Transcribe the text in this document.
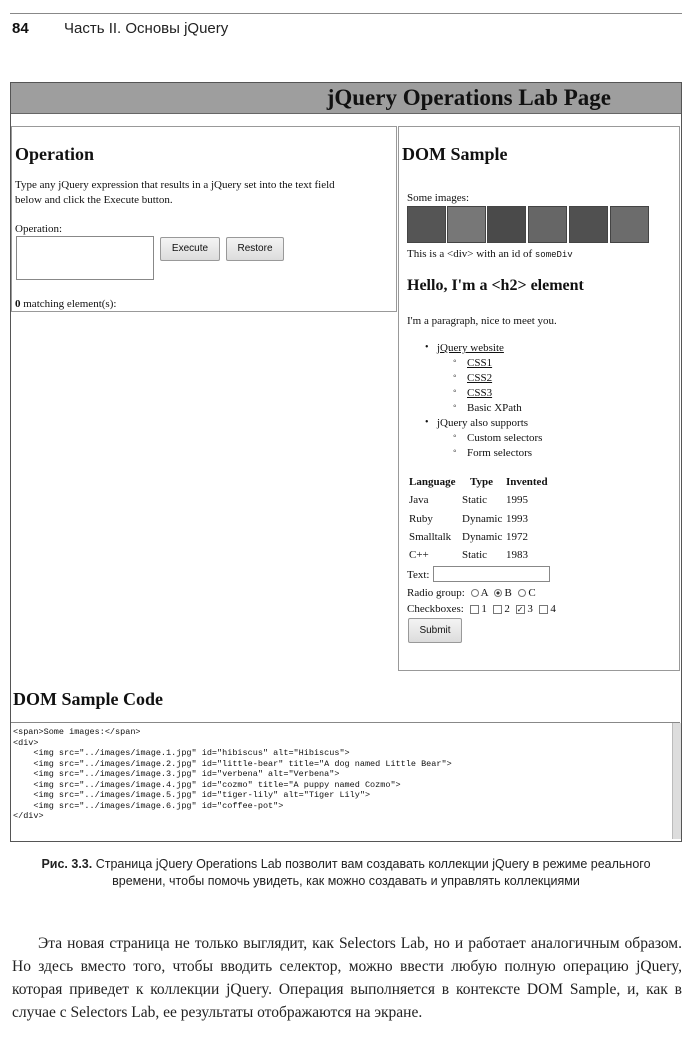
84 Часть II. Основы jQuery
jQuery Operations Lab Page
Operation
Type any jQuery expression that results in a jQuery set into the text field below and click the Execute button.
Operation:
Execute	Restore
0 matching element(s):
DOM Sample
Some images:
This is a <div> with an id of someDiv
Hello, I'm a <h2> element
I'm a paragraph, nice to meet you.
• jQuery website
◦ CSS1
◦ CSS2
◦ CSS3
◦ Basic XPath
• jQuery also supports
◦ Custom selectors
◦ Form selectors
Language Type Invented
Java	Static 1995
Ruby	Dynamic 1993
Smalltalk Dynamic 1972
C++	Static 1983
Text:
Radio group: A B C
Checkboxes: 1 2 ✓ 3 4
Submit
DOM Sample Code
<span>Some images:</span>
<div>
<img src="../images/image.1.jpg" id="hibiscus" alt="Hibiscus">
<img src="../images/image.2.jpg" id="little-bear" title="A dog named Little Bear">
<img src="../images/image.3.jpg" id="verbena" alt="Verbena">
<img src="../images/image.4.jpg" id="cozmo" title="A puppy named Cozmo">
<img src="../images/image.5.jpg" id="tiger-lily" alt="Tiger Lily">
<img src="../images/image.6.jpg" id="coffee-pot">
</div>
Рис. 3.3. Страница jQuery Operations Lab позволит вам создавать коллекции jQuery в режиме реального времени, чтобы помочь увидеть, как можно создавать и управлять коллекциями
Эта новая страница не только выглядит, как Selectors Lab, но и работает аналогичным образом. Но здесь вместо того, чтобы вводить селектор, можно ввести любую полную операцию jQuery, которая приведет к коллекции jQuery. Операция выполняется в контексте DOM Sample, и, как в случае с Selectors Lab, ее результаты отображаются на экране.
